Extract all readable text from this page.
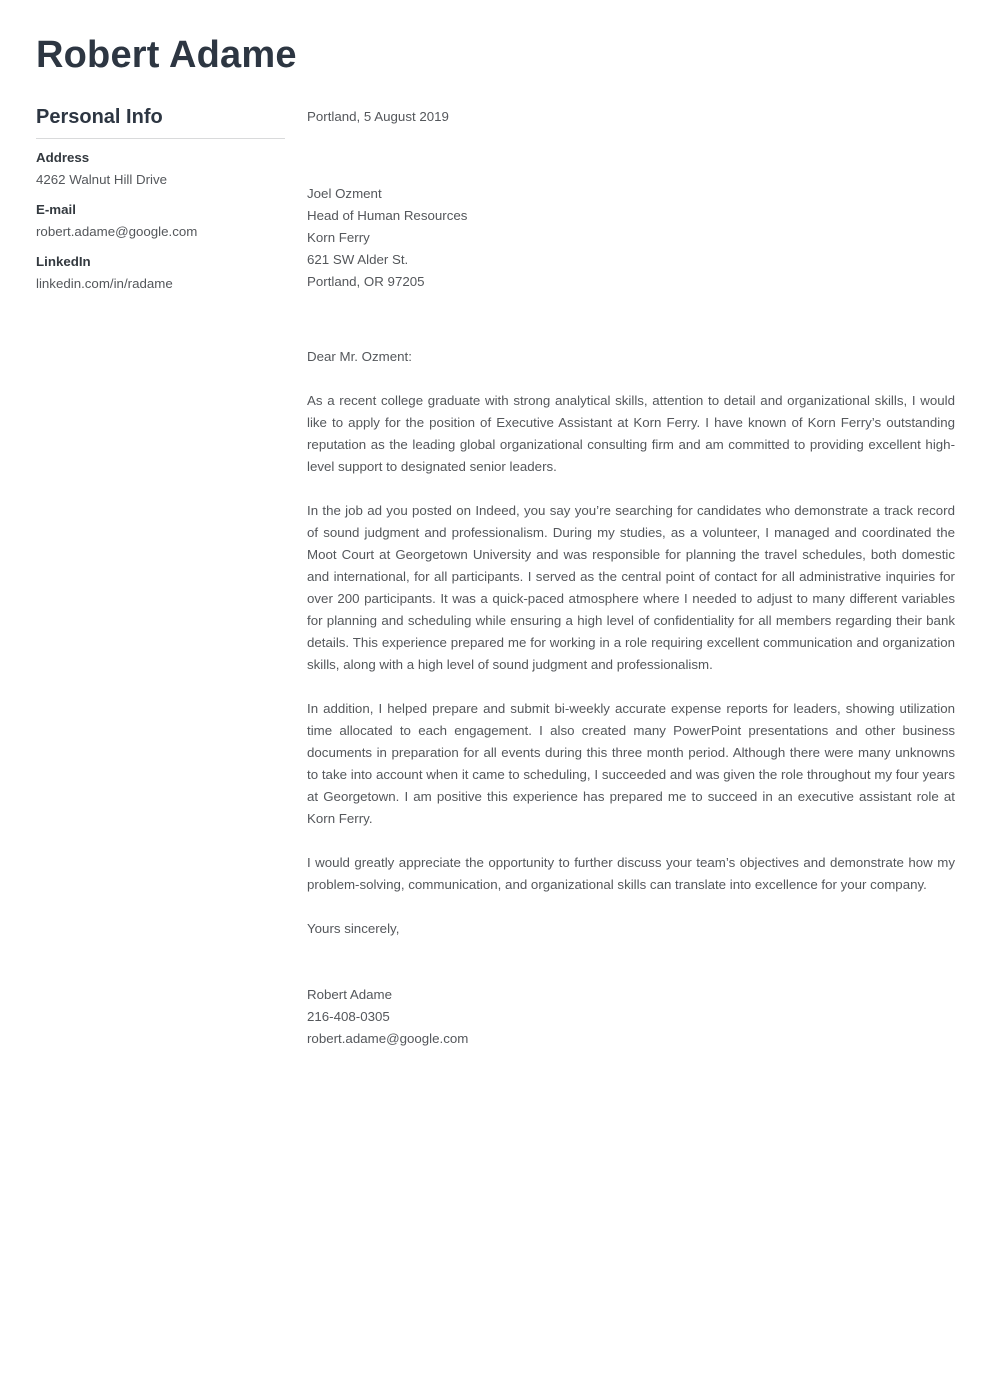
Robert Adame
Personal Info
Address
4262 Walnut Hill Drive
E-mail
robert.adame@google.com
LinkedIn
linkedin.com/in/radame
Portland, 5 August 2019
Joel Ozment
Head of Human Resources
Korn Ferry
621 SW Alder St.
Portland, OR 97205
Dear Mr. Ozment:

As a recent college graduate with strong analytical skills, attention to detail and organizational skills, I would like to apply for the position of Executive Assistant at Korn Ferry. I have known of Korn Ferry’s outstanding reputation as the leading global organizational consulting firm and am committed to providing excellent high-level support to designated senior leaders.

In the job ad you posted on Indeed, you say you’re searching for candidates who demonstrate a track record of sound judgment and professionalism. During my studies, as a volunteer, I managed and coordinated the Moot Court at Georgetown University and was responsible for planning the travel schedules, both domestic and international, for all participants. I served as the central point of contact for all administrative inquiries for over 200 participants. It was a quick-paced atmosphere where I needed to adjust to many different variables for planning and scheduling while ensuring a high level of confidentiality for all members regarding their bank details. This experience prepared me for working in a role requiring excellent communication and organization skills, along with a high level of sound judgment and professionalism.

In addition, I helped prepare and submit bi-weekly accurate expense reports for leaders, showing utilization time allocated to each engagement. I also created many PowerPoint presentations and other business documents in preparation for all events during this three month period. Although there were many unknowns to take into account when it came to scheduling, I succeeded and was given the role throughout my four years at Georgetown. I am positive this experience has prepared me to succeed in an executive assistant role at Korn Ferry.

I would greatly appreciate the opportunity to further discuss your team’s objectives and demonstrate how my problem-solving, communication, and organizational skills can translate into excellence for your company.

Yours sincerely,
Robert Adame
216-408-0305
robert.adame@google.com
